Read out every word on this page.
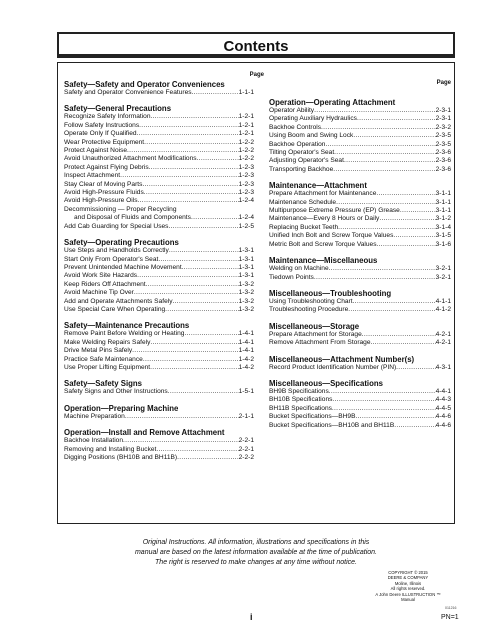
Contents
Page
Safety—Safety and Operator Conveniences
Safety and Operator Convenience Features .....	1-1-1
Safety—General Precautions
Recognize Safety Information .....	1-2-1
Follow Safety Instructions .....	1-2-1
Operate Only If Qualified .....	1-2-1
Wear Protective Equipment .....	1-2-2
Protect Against Noise .....	1-2-2
Avoid Unauthorized Attachment Modifications .....	1-2-2
Protect Against Flying Debris .....	1-2-3
Inspect Attachment .....	1-2-3
Stay Clear of Moving Parts .....	1-2-3
Avoid High-Pressure Fluids .....	1-2-3
Avoid High-Pressure Oils .....	1-2-4
Decommissioning — Proper Recycling
and Disposal of Fluids and Components .....	1-2-4
Add Cab Guarding for Special Uses .....	1-2-5
Safety—Operating Precautions
Use Steps and Handholds Correctly .....	1-3-1
Start Only From Operator's Seat .....	1-3-1
Prevent Unintended Machine Movement .....	1-3-1
Avoid Work Site Hazards .....	1-3-1
Keep Riders Off Attachment .....	1-3-2
Avoid Machine Tip Over .....	1-3-2
Add and Operate Attachments Safely .....	1-3-2
Use Special Care When Operating .....	1-3-2
Safety—Maintenance Precautions
Remove Paint Before Welding or Heating .....	1-4-1
Make Welding Repairs Safely .....	1-4-1
Drive Metal Pins Safely .....	1-4-1
Practice Safe Maintenance .....	1-4-2
Use Proper Lifting Equipment .....	1-4-2
Safety—Safety Signs
Safety Signs and Other Instructions .....	1-5-1
Operation—Preparing Machine
Machine Preparation .....	2-1-1
Operation—Install and Remove Attachment
Backhoe Installation .....	2-2-1
Removing and Installing Bucket .....	2-2-1
Digging Positions (BH10B and BH11B) .....	2-2-2
Page
Operation—Operating Attachment
Operator Ability .....	2-3-1
Operating Auxiliary Hydraulics .....	2-3-1
Backhoe Controls .....	2-3-2
Using Boom and Swing Lock .....	2-3-5
Backhoe Operation .....	2-3-5
Tilting Operator's Seat .....	2-3-6
Adjusting Operator's Seat .....	2-3-6
Transporting Backhoe .....	2-3-6
Maintenance—Attachment
Prepare Attachment for Maintenance .....	3-1-1
Maintenance Schedule .....	3-1-1
Multipurpose Extreme Pressure (EP) Grease .....	3-1-1
Maintenance—Every 8 Hours or Daily .....	3-1-2
Replacing Bucket Teeth .....	3-1-4
Unified Inch Bolt and Screw Torque Values .....	3-1-5
Metric Bolt and Screw Torque Values .....	3-1-6
Maintenance—Miscellaneous
Welding on Machine .....	3-2-1
Tiedown Points .....	3-2-1
Miscellaneous—Troubleshooting
Using Troubleshooting Chart .....	4-1-1
Troubleshooting Procedure .....	4-1-2
Miscellaneous—Storage
Prepare Attachment for Storage .....	4-2-1
Remove Attachment From Storage .....	4-2-1
Miscellaneous—Attachment Number(s)
Record Product Identification Number (PIN) .....	4-3-1
Miscellaneous—Specifications
BH9B Specifications .....	4-4-1
BH10B Specifications .....	4-4-3
BH11B Specifications .....	4-4-5
Bucket Specifications—BH9B .....	4-4-6
Bucket Specifications—BH10B and BH11B .....	4-4-6
Original Instructions. All information, illustrations and specifications in this
manual are based on the latest information available at the time of publication.
The right is reserved to make changes at any time without notice.
COPYRIGHT © 2015
DEERE & COMPANY
Moline, Illinois
All rights reserved.
A John Deere ILLUSTRUCTION ™ Manual
011216
i	PN=1
